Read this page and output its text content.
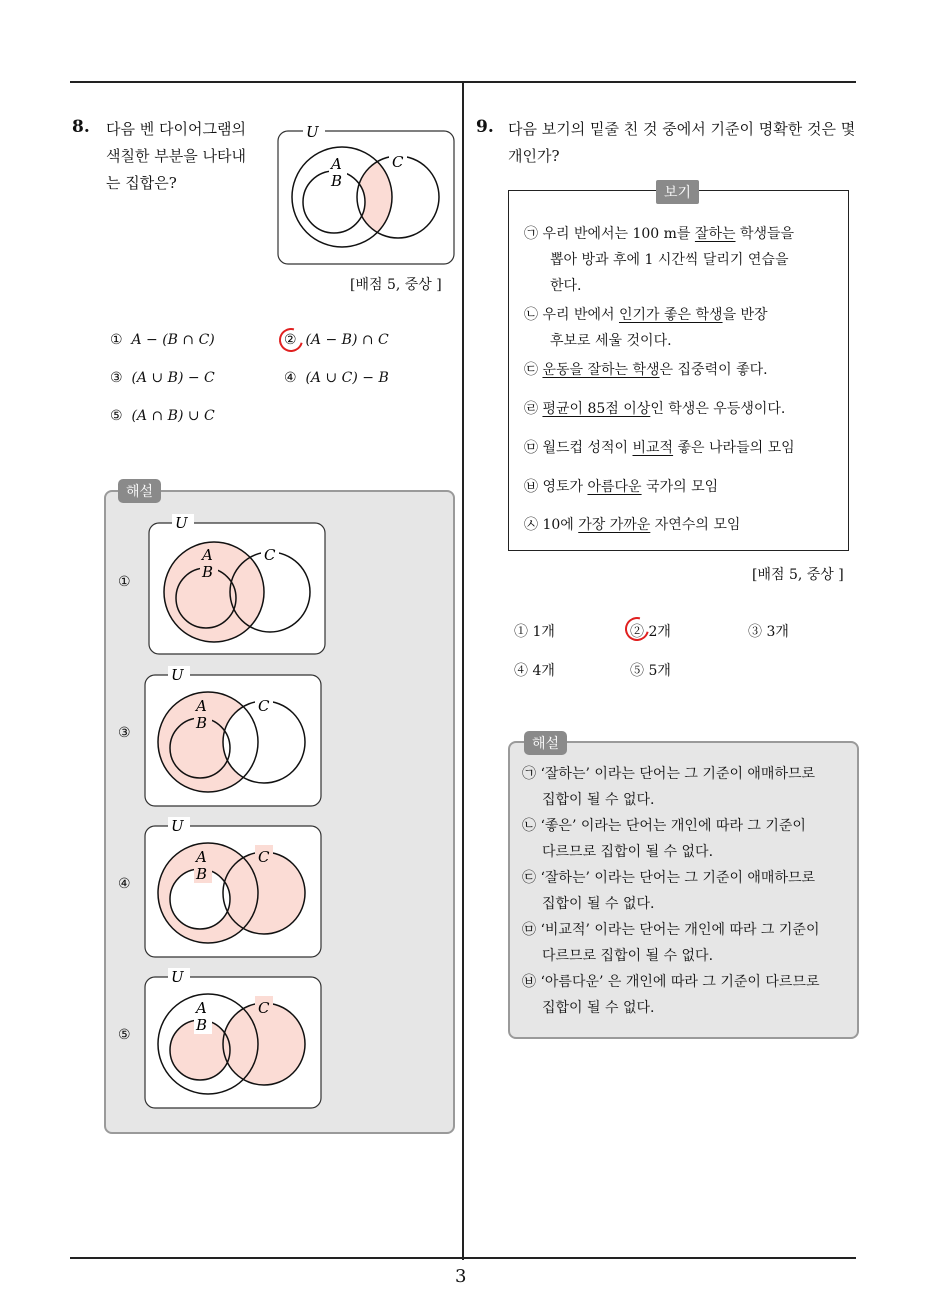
3
8. 다음 벤 다이어그램의
색칠한 부분을 나타내
는 집합은?
U
A
B
C
[배점 5, 중상 ]
① A − (B ∩ C)	② (A − B) ∩ C
③ (A ∪ B) − C	④ (A ∪ C) − B
⑤ (A ∩ B) ∪ C
해설
①
③
④
⑤
U
A
B
C
U
A
B
C
U
A
B
C
U
A
B
C
9. 다음 보기의 밑줄 친 것 중에서 기준이 명확한 것은 몇
개인가?
보기
㉠ 우리 반에서는 100 m를 잘하는 학생들을
뽑아 방과 후에 1 시간씩 달리기 연습을
한다.
㉡ 우리 반에서 인기가 좋은 학생을 반장
후보로 세울 것이다.
㉢ 운동을 잘하는 학생은 집중력이 좋다.
㉣ 평균이 85점 이상인 학생은 우등생이다.
㉤ 월드컵 성적이 비교적 좋은 나라들의 모임
㉥ 영토가 아름다운 국가의 모임
㉦ 10에 가장 가까운 자연수의 모임
[배점 5, 중상 ]
① 1개	② 2개	③ 3개
④ 4개	⑤ 5개
해설
㉠ ‘잘하는’ 이라는 단어는 그 기준이 애매하므로
집합이 될 수 없다.
㉡ ‘좋은’ 이라는 단어는 개인에 따라 그 기준이
다르므로 집합이 될 수 없다.
㉢ ‘잘하는’ 이라는 단어는 그 기준이 애매하므로
집합이 될 수 없다.
㉤ ‘비교적’ 이라는 단어는 개인에 따라 그 기준이
다르므로 집합이 될 수 없다.
㉥ ‘아름다운’ 은 개인에 따라 그 기준이 다르므로
집합이 될 수 없다.
